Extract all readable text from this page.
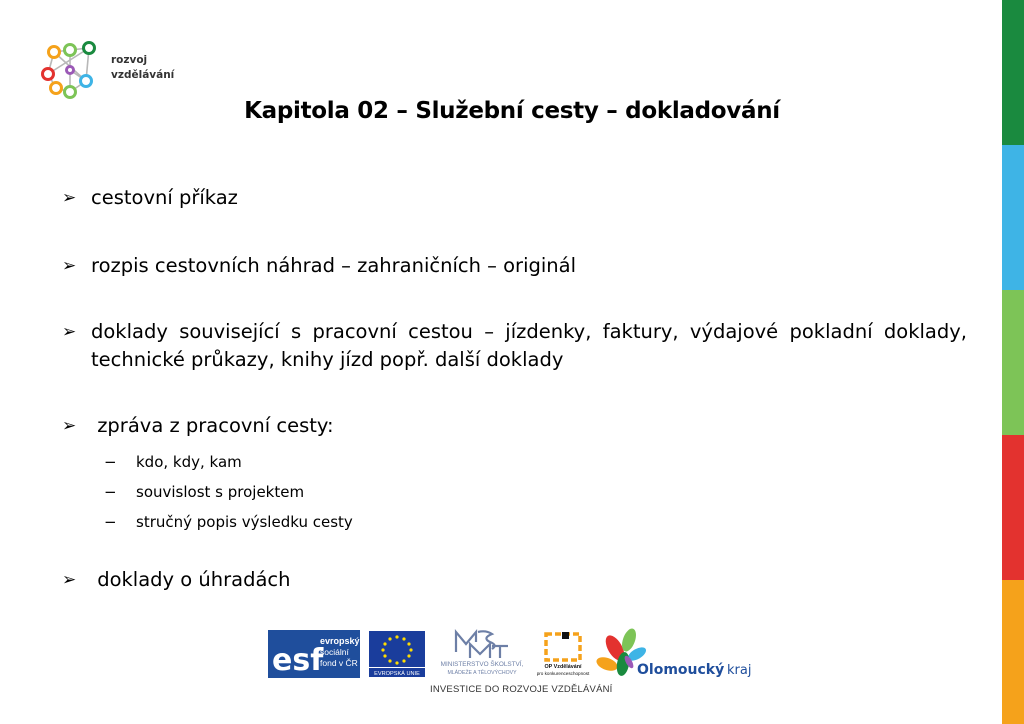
rozvoj
vzdělávání
Kapitola 02 – Služební cesty – dokladování
➢ cestovní příkaz
➢ rozpis cestovních náhrad – zahraničních – originál
➢ doklady související s pracovní cestou – jízdenky, faktury, výdajové pokladní doklady, technické průkazy, knihy jízd popř. další doklady
➢ zpráva z pracovní cesty:
− kdo, kdy, kam
− souvislost s projektem
− stručný popis výsledku cesty
➢ doklady o úhradách
esf
evropský
sociální
fond v ČR
EVROPSKÁ UNIE
MINISTERSTVO ŠKOLSTVÍ,
MLÁDEŽE A TĚLOVÝCHOVY
OP Vzdělávání
pro konkurenceschopnost	Olomoucký kraj
INVESTICE DO ROZVOJE VZDĚLÁVÁNÍ
